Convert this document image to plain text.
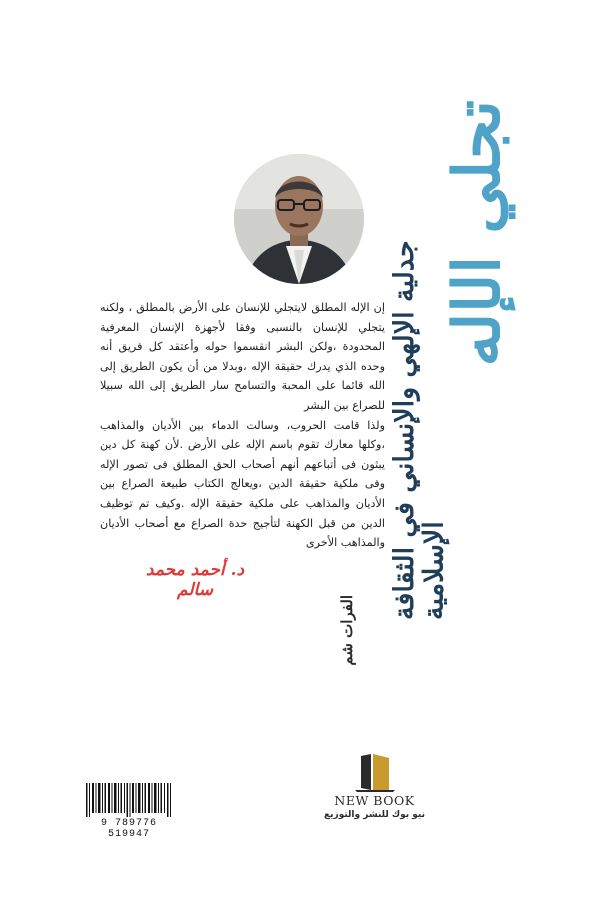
إن الإله المطلق لايتجلي للإنسان على الأرض بالمطلق ، ولكنه يتجلي للإنسان بالنسبى وفقا لأجهزة الإنسان المعرفية المحدودة ،ولكن البشر انقسموا حوله وأعتقد كل فريق أنه وحده الذي يدرك حقيقة الإله ،وبدلا من أن يكون الطريق إلى الله قائما على المحبة والتسامح سار الطريق إلى الله سبيلا للصراع بين البشر

ولذا قامت الحروب، وسالت الدماء بين الأديان والمذاهب ،وكلها معارك تقوم باسم الإله على الأرض .لأن كهنة كل دين يبثون فى أتباعهم أنهم أصحاب الحق المطلق فى تصور الإله وفى ملكية حقيقة الدين ،ويعالج الكتاب طبيعة الصراع بين الأديان والمذاهب على ملكية حقيقة الإله .وكيف تم توظيف الدين من قبل الكهنة لتأجيج حدة الصراع مع أصحاب الأديان والمذاهب الأخرى

تجلي الإله
جدلية الإلهي والإنساني في الثقافة الإسلامية
د. أحمد محمد سالم
الفرات شم
NEW BOOK
نيو بوك للنشر والتوزيع
9 789776 519947
